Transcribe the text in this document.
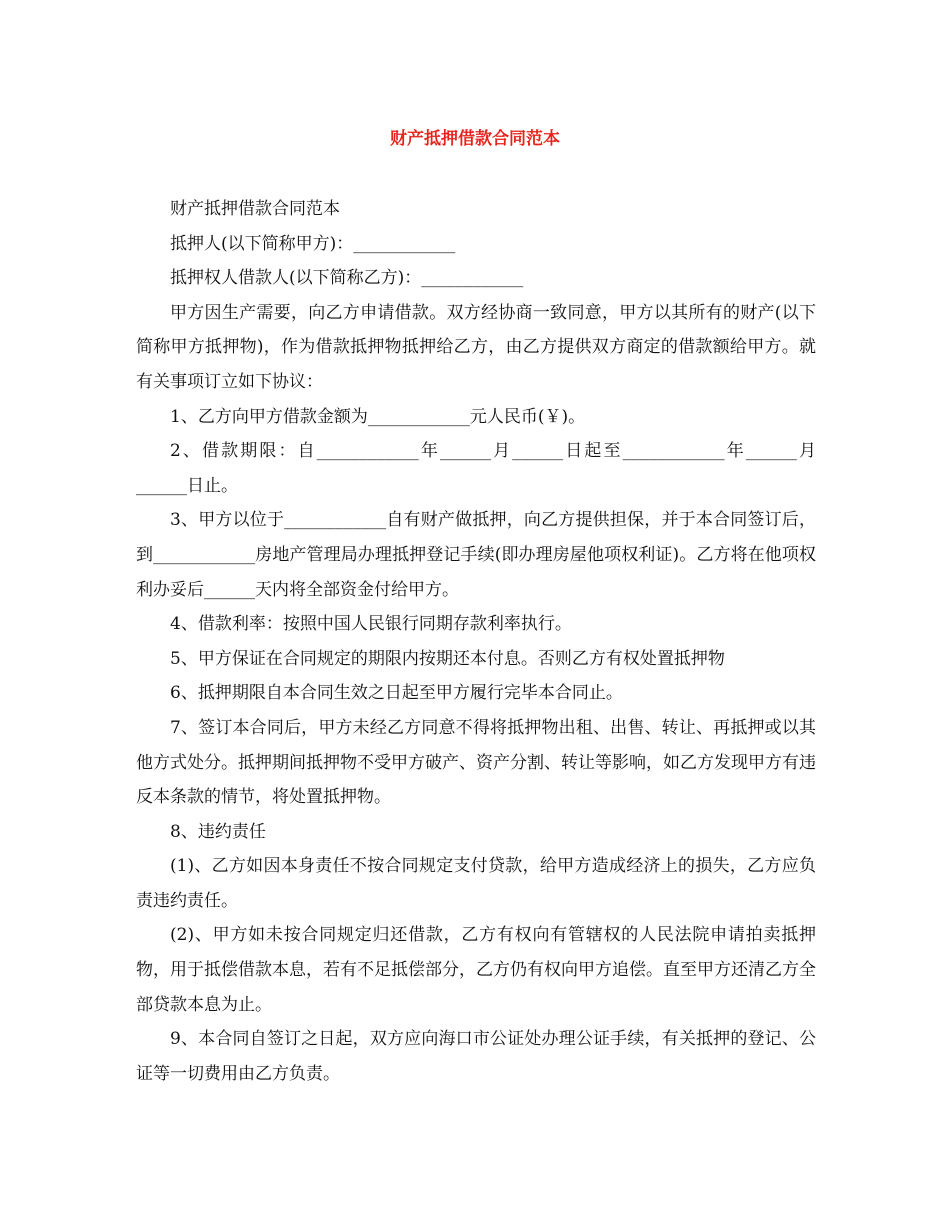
财产抵押借款合同范本

财产抵押借款合同范本

抵押人(以下简称甲方)：____________

抵押权人借款人(以下简称乙方)：____________

甲方因生产需要，向乙方申请借款。双方经协商一致同意，甲方以其所有的财产(以下简称甲方抵押物)，作为借款抵押物抵押给乙方，由乙方提供双方商定的借款额给甲方。就有关事项订立如下协议：

1、乙方向甲方借款金额为____________元人民币(￥)。

2、借款期限：自____________年______月______日起至____________年______月______日止。

3、甲方以位于____________自有财产做抵押，向乙方提供担保，并于本合同签订后，到____________房地产管理局办理抵押登记手续(即办理房屋他项权利证)。乙方将在他项权利办妥后______天内将全部资金付给甲方。

4、借款利率：按照中国人民银行同期存款利率执行。

5、甲方保证在合同规定的期限内按期还本付息。否则乙方有权处置抵押物

6、抵押期限自本合同生效之日起至甲方履行完毕本合同止。

7、签订本合同后，甲方未经乙方同意不得将抵押物出租、出售、转让、再抵押或以其他方式处分。抵押期间抵押物不受甲方破产、资产分割、转让等影响，如乙方发现甲方有违反本条款的情节，将处置抵押物。

8、违约责任

(1)、乙方如因本身责任不按合同规定支付贷款，给甲方造成经济上的损失，乙方应负责违约责任。

(2)、甲方如未按合同规定归还借款，乙方有权向有管辖权的人民法院申请拍卖抵押物，用于抵偿借款本息，若有不足抵偿部分，乙方仍有权向甲方追偿。直至甲方还清乙方全部贷款本息为止。

9、本合同自签订之日起，双方应向海口市公证处办理公证手续，有关抵押的登记、公证等一切费用由乙方负责。
